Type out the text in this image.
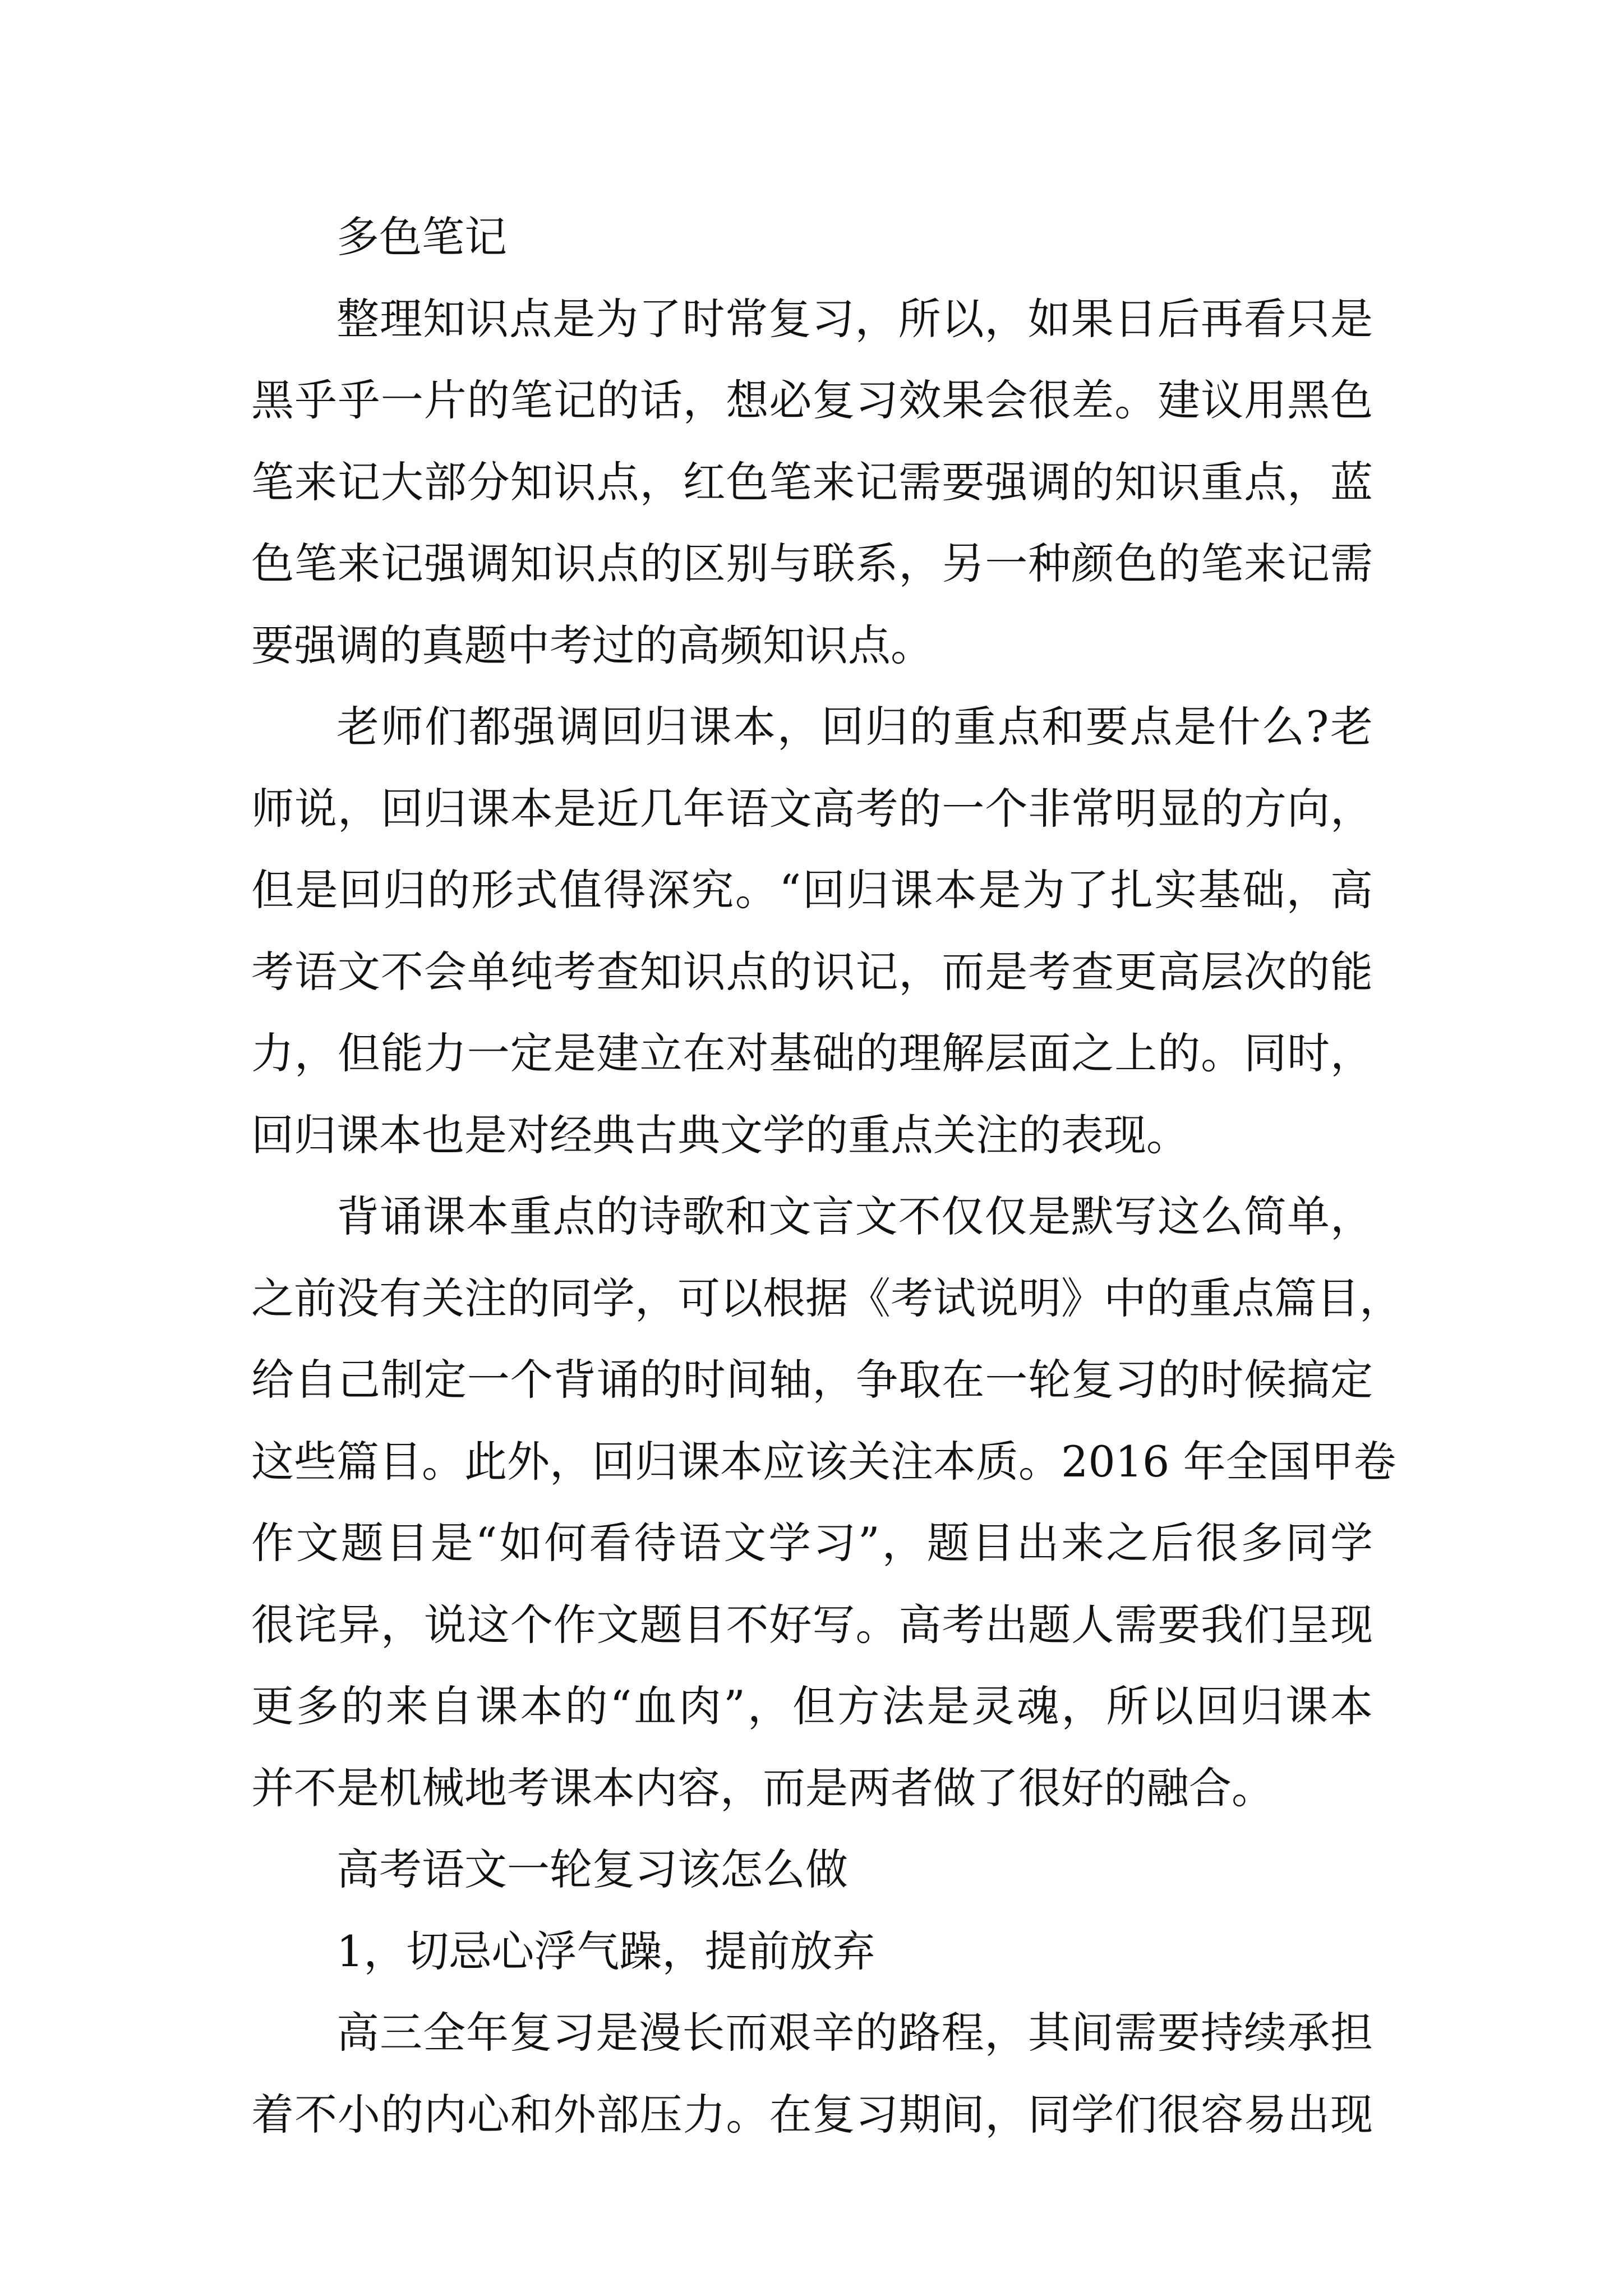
多色笔记
整理知识点是为了时常复习，所以，如果日后再看只是
黑乎乎一片的笔记的话，想必复习效果会很差。建议用黑色
笔来记大部分知识点，红色笔来记需要强调的知识重点，蓝
色笔来记强调知识点的区别与联系，另一种颜色的笔来记需
要强调的真题中考过的高频知识点。
老师们都强调回归课本，回归的重点和要点是什么?老
师说，回归课本是近几年语文高考的一个非常明显的方向，
但是回归的形式值得深究。“回归课本是为了扎实基础，高
考语文不会单纯考查知识点的识记，而是考查更高层次的能
力，但能力一定是建立在对基础的理解层面之上的。同时，
回归课本也是对经典古典文学的重点关注的表现。
背诵课本重点的诗歌和文言文不仅仅是默写这么简单，
之前没有关注的同学，可以根据《考试说明》中的重点篇目，
给自己制定一个背诵的时间轴，争取在一轮复习的时候搞定
这些篇目。此外，回归课本应该关注本质。2016 年全国甲卷
作文题目是“如何看待语文学习”，题目出来之后很多同学
很诧异，说这个作文题目不好写。高考出题人需要我们呈现
更多的来自课本的“血肉”，但方法是灵魂，所以回归课本
并不是机械地考课本内容，而是两者做了很好的融合。
高考语文一轮复习该怎么做
1，切忌心浮气躁，提前放弃
高三全年复习是漫长而艰辛的路程，其间需要持续承担
着不小的内心和外部压力。在复习期间，同学们很容易出现
